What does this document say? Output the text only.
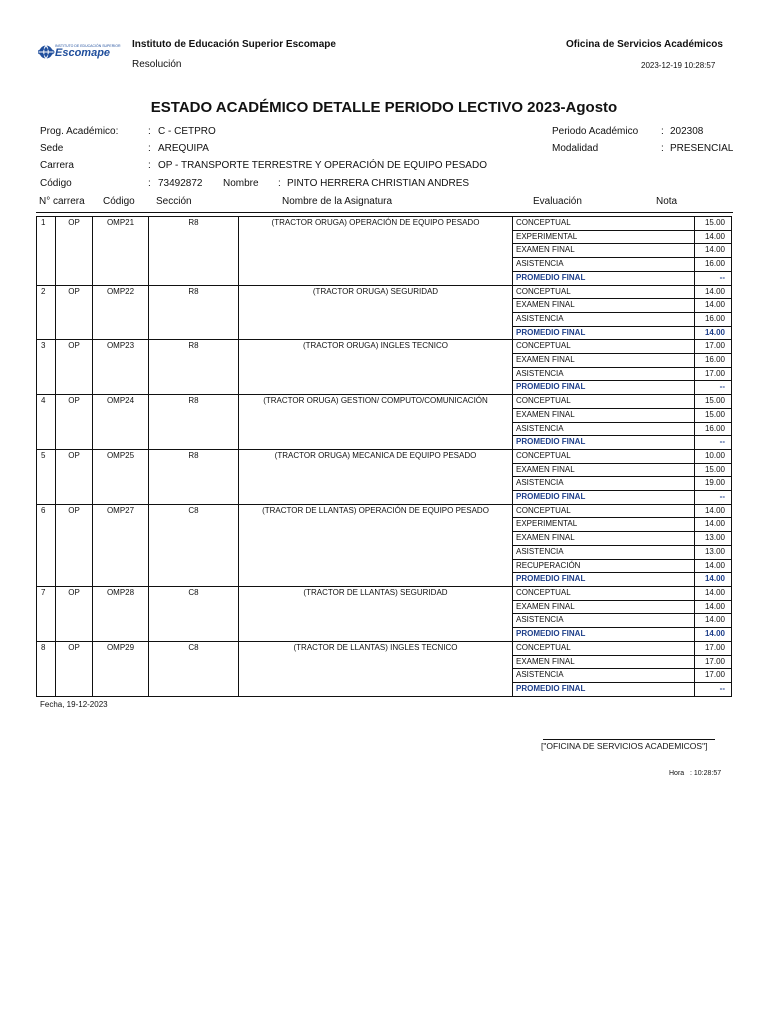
INSTITUTO DE EDUCACIÓN SUPERIOR
Escomape
Instituto de Educación Superior Escomape	Oficina de Servicios Académicos
Resolución	2023-12-19 10:28:57
ESTADO ACADÉMICO DETALLE PERIODO LECTIVO 2023-Agosto
Prog. Académico:	: C - CETPRO
Sede	: AREQUIPA
Carrera	: OP - TRANSPORTE TERRESTRE Y OPERACIÓN DE EQUIPO PESADO
Código	: 73492872 Nombre : PINTO HERRERA CHRISTIAN ANDRES
Periodo Académico : 202308
Modalidad	: PRESENCIAL
N° carrera Código Sección	Nombre de la Asignatura	Evaluación	Nota
1	OP	OMP21	R8	(TRACTOR ORUGA) OPERACIÓN DE EQUIPO PESADO	CONCEPTUAL	15.00
					EXPERIMENTAL	14.00
					EXAMEN FINAL	14.00
					ASISTENCIA	16.00
					PROMEDIO FINAL	--
2	OP	OMP22	R8	(TRACTOR ORUGA) SEGURIDAD	CONCEPTUAL	14.00
					EXAMEN FINAL	14.00
					ASISTENCIA	16.00
					PROMEDIO FINAL	14.00
3	OP	OMP23	R8	(TRACTOR ORUGA) INGLES TECNICO	CONCEPTUAL	17.00
					EXAMEN FINAL	16.00
					ASISTENCIA	17.00
					PROMEDIO FINAL	--
4	OP	OMP24	R8	(TRACTOR ORUGA) GESTION/ COMPUTO/COMUNICACIÓN	CONCEPTUAL	15.00
					EXAMEN FINAL	15.00
					ASISTENCIA	16.00
					PROMEDIO FINAL	--
5	OP	OMP25	R8	(TRACTOR ORUGA) MECANICA DE EQUIPO PESADO	CONCEPTUAL	10.00
					EXAMEN FINAL	15.00
					ASISTENCIA	19.00
					PROMEDIO FINAL	--
6	OP	OMP27	C8	(TRACTOR DE LLANTAS) OPERACIÓN DE EQUIPO PESADO	CONCEPTUAL	14.00
					EXPERIMENTAL	14.00
					EXAMEN FINAL	13.00
					ASISTENCIA	13.00
					RECUPERACIÓN	14.00
					PROMEDIO FINAL	14.00
7	OP	OMP28	C8	(TRACTOR DE LLANTAS) SEGURIDAD	CONCEPTUAL	14.00
					EXAMEN FINAL	14.00
					ASISTENCIA	14.00
					PROMEDIO FINAL	14.00
8	OP	OMP29	C8	(TRACTOR DE LLANTAS) INGLES TECNICO	CONCEPTUAL	17.00
					EXAMEN FINAL	17.00
					ASISTENCIA	17.00
					PROMEDIO FINAL	--
Fecha, 19-12-2023
["OFICINA DE SERVICIOS ACADEMICOS"]
Hora : 10:28:57
